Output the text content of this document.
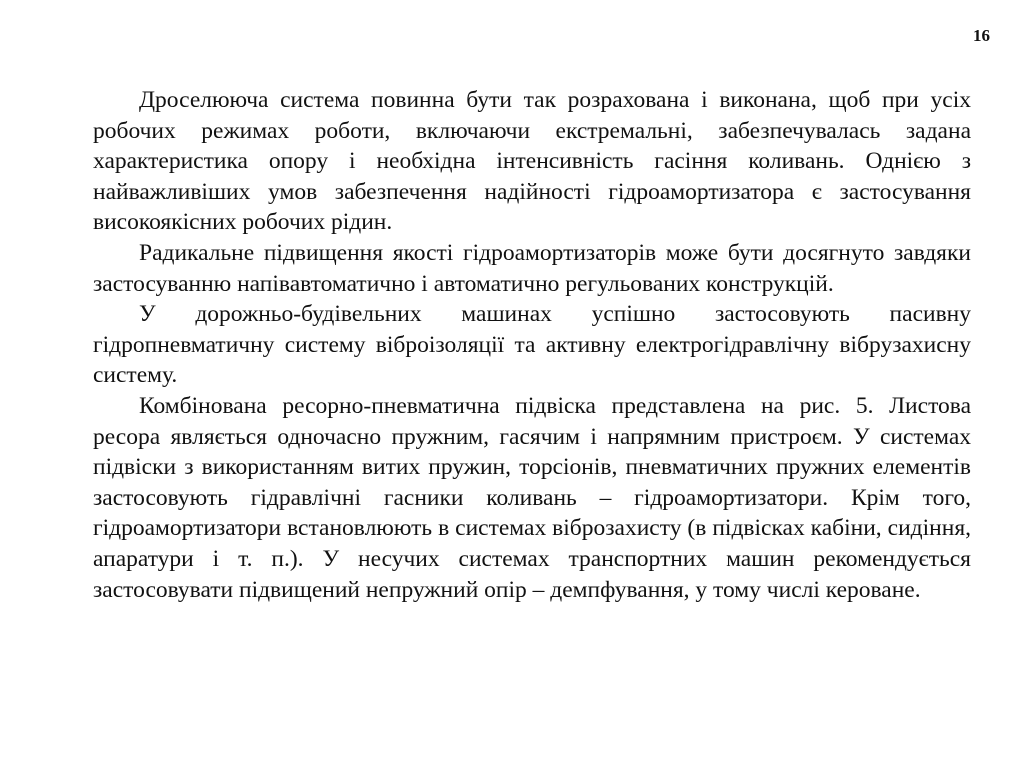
16

Дроселююча система повинна бути так розрахована і виконана, щоб при усіх робочих режимах роботи, включаючи екстремальні, забезпечувалась задана характеристика опору і необхідна інтенсивність гасіння коливань. Однією з найважливіших умов забезпечення надійності гідроамортизатора є застосування високоякісних робочих рідин.

Радикальне підвищення якості гідроамортизаторів може бути досягнуто завдяки застосуванню напівавтоматично і автоматично регульованих конструкцій.

У дорожньо-будівельних машинах успішно застосовують пасивну гідропневматичну систему віброізоляції та активну електрогідравлічну вібрузахисну систему.

Комбінована ресорно-пневматична підвіска представлена на рис. 5. Листова ресора являється одночасно пружним, гасячим і напрямним пристроєм. У системах підвіски з використанням витих пружин, торсіонів, пневматичних пружних елементів застосовують гідравлічні гасники коливань – гідроамортизатори. Крім того, гідроамортизатори встановлюють в системах віброзахисту (в підвісках кабіни, сидіння, апаратури і т. п.). У несучих системах транспортних машин рекомендується застосовувати підвищений непружний опір – демпфування, у тому числі кероване.
